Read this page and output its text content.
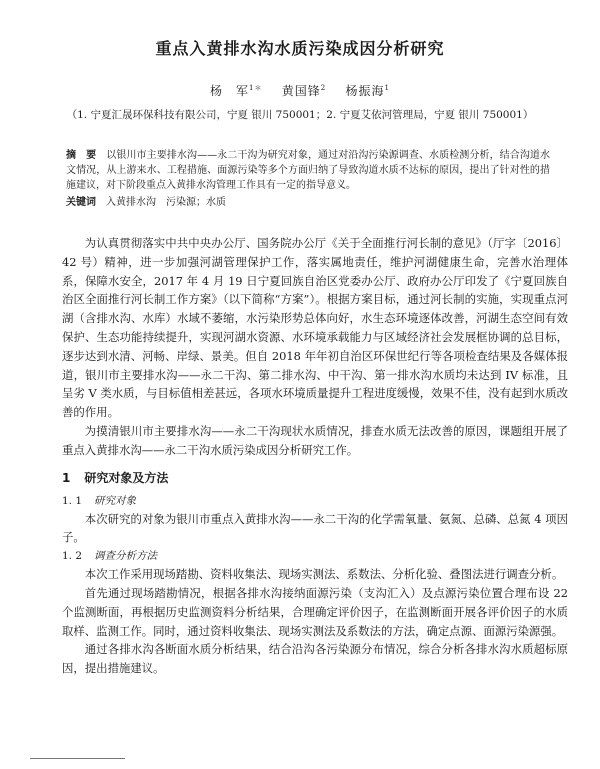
重点入黄排水沟水质污染成因分析研究
杨　军$^{1*}$ 黄国锋$^2$ 杨振海$^1$
（1. 宁夏汇晟环保科技有限公司，宁夏 银川 750001；2. 宁夏艾依河管理局，宁夏 银川 750001）
摘　要 以银川市主要排水沟——永二干沟为研究对象，通过对沿沟污染源调查、水质检测分析，结合沟道水文情况，从上游来水、工程措施、面源污染等多个方面归纳了导致沟道水质不达标的原因，提出了针对性的措施建议，对下阶段重点入黄排水沟管理工作具有一定的指导意义。
关键词 入黄排水沟 污染源；水质

为认真贯彻落实中共中央办公厅、国务院办公厅《关于全面推行河长制的意见》（厅字〔2016〕42 号）精神，进一步加强河湖管理保护工作，落实属地责任，维护河湖健康生命，完善水治理体系，保障水安全，2017 年 4 月 19 日宁夏回族自治区党委办公厅、政府办公厅印发了《宁夏回族自治区全面推行河长制工作方案》（以下简称“方案”）。根据方案目标，通过河长制的实施，实现重点河湖（含排水沟、水库）水域不萎缩，水污染形势总体向好，水生态环境逐体改善，河湖生态空间有效保护、生态功能持续提升，实现河湖水资源、水环境承载能力与区域经济社会发展框协调的总目标，逐步达到水清、河畅、岸绿、景美。但自 2018 年年初自治区环保世纪行等各项检查结果及各媒体报道，银川市主要排水沟——永二干沟、第二排水沟、中干沟、第一排水沟水质均未达到 IV 标准，且呈劣 V 类水质，与目标值相差甚远，各项水环境质量提升工程进度缓慢，效果不佳，没有起到水质改善的作用。

为摸清银川市主要排水沟——永二干沟现状水质情况，排查水质无法改善的原因，课题组开展了重点入黄排水沟——永二干沟水质污染成因分析研究工作。

1 研究对象及方法
1. 1 研究对象

本次研究的对象为银川市重点入黄排水沟——永二干沟的化学需氧量、氨氮、总磷、总氮 4 项因子。

1. 2 调查分析方法

本次工作采用现场踏勘、资料收集法、现场实测法、系数法、分析化验、叠图法进行调查分析。

首先通过现场踏勘情况，根据各排水沟接纳面源污染（支沟汇入）及点源污染位置合理布设 22 个监测断面，再根据历史监测资料分析结果，合理确定评价因子，在监测断面开展各评价因子的水质取样、监测工作。同时，通过资料收集法、现场实测法及系数法的方法，确定点源、面源污染源强。

通过各排水沟各断面水质分析结果，结合沿沟各污染源分布情况，综合分析各排水沟水质超标原因，提出措施建议。
